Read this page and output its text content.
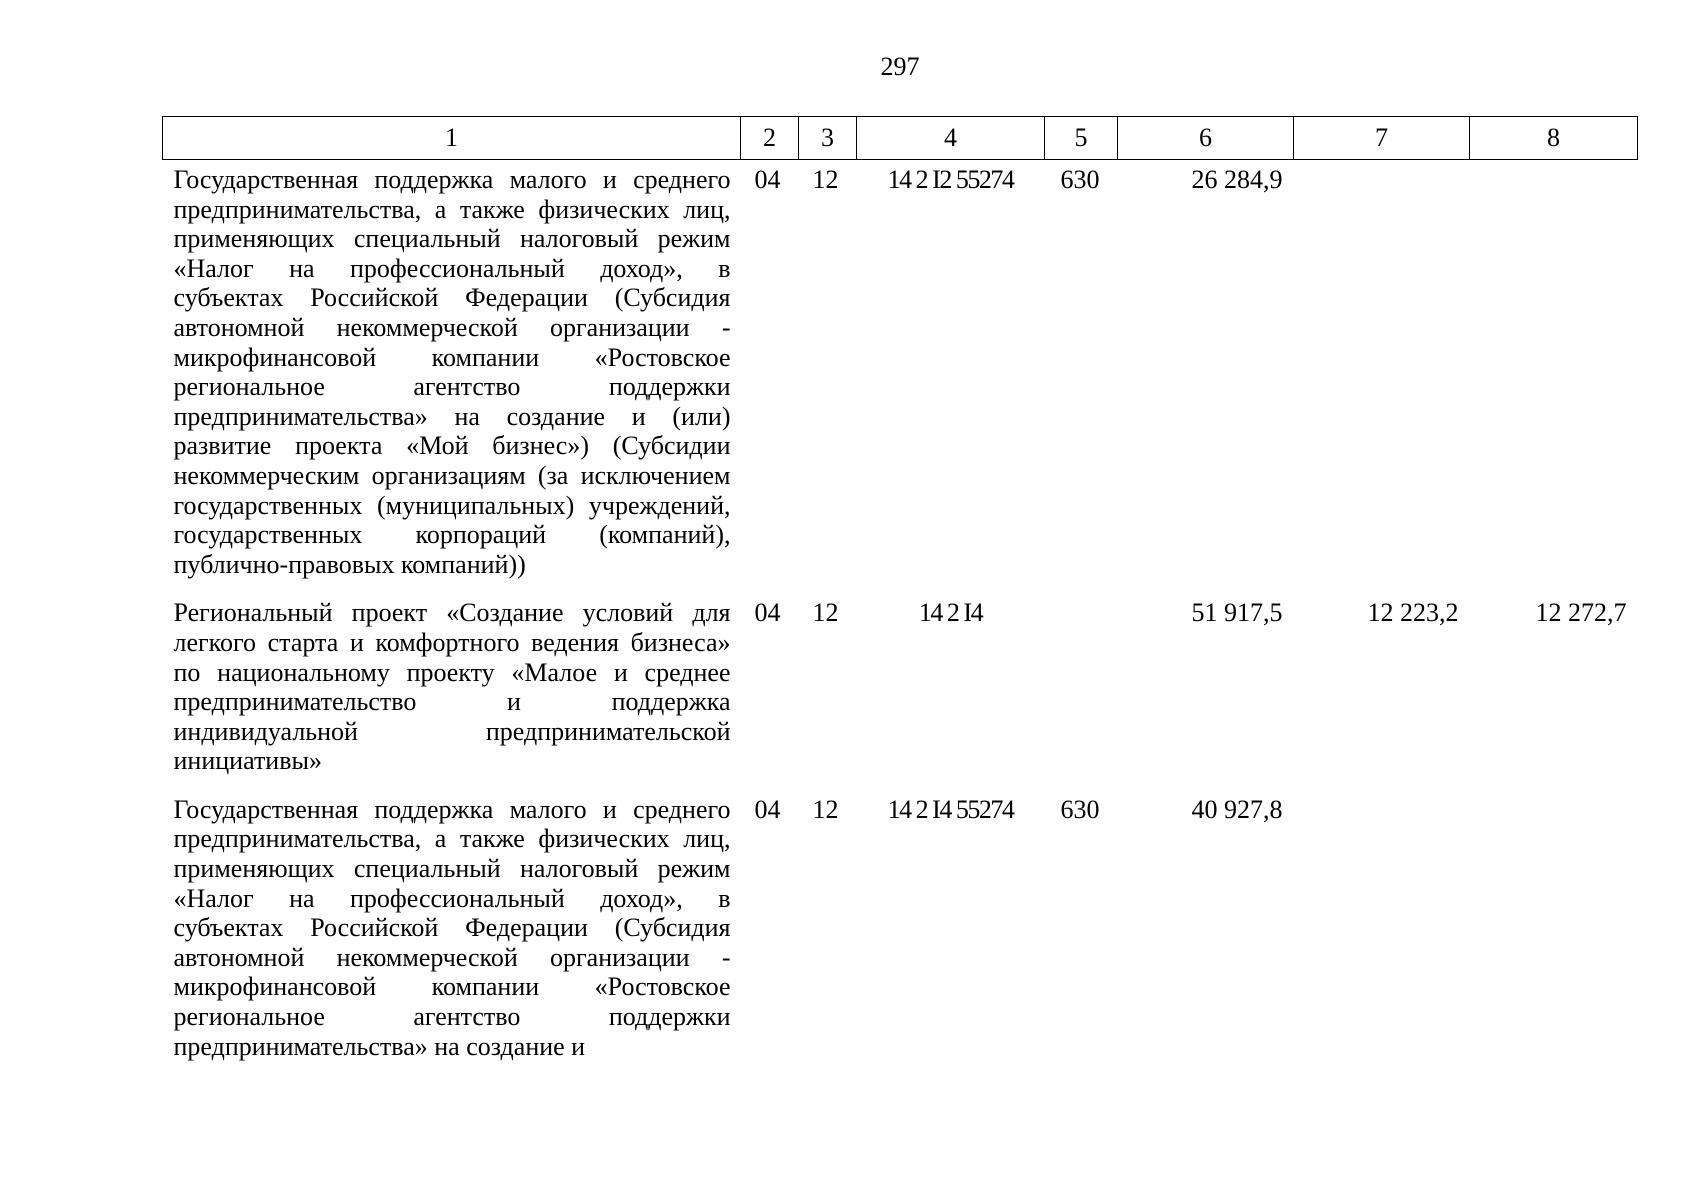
297
1	2	3	4	5	6	7	8
Государственная поддержка малого и среднего предпринимательства, а также физических лиц, применяющих специальный налоговый режим «Налог на профессиональный доход», в субъектах Российской Федерации (Субсидия автономной некоммерческой организации - микрофинансовой компании «Ростовское региональное агентство поддержки предпринимательства» на создание и (или) развитие проекта «Мой бизнес») (Субсидии некоммерческим организациям (за исключением государственных (муниципальных) учреждений, государственных корпораций (компаний), публично-правовых компаний))	04	12	14 2 I2 55274	630	26 284,9		
Региональный проект «Создание условий для легкого старта и комфортного ведения бизнеса» по национальному проекту «Малое и среднее предпринимательство и поддержка индивидуальной предпринимательской инициативы»	04	12	14 2 I4		51 917,5	12 223,2	12 272,7
Государственная поддержка малого и среднего предпринимательства, а также физических лиц, применяющих специальный налоговый режим «Налог на профессиональный доход», в субъектах Российской Федерации (Субсидия автономной некоммерческой организации - микрофинансовой компании «Ростовское региональное агентство поддержки предпринимательства» на создание и	04	12	14 2 I4 55274	630	40 927,8		
